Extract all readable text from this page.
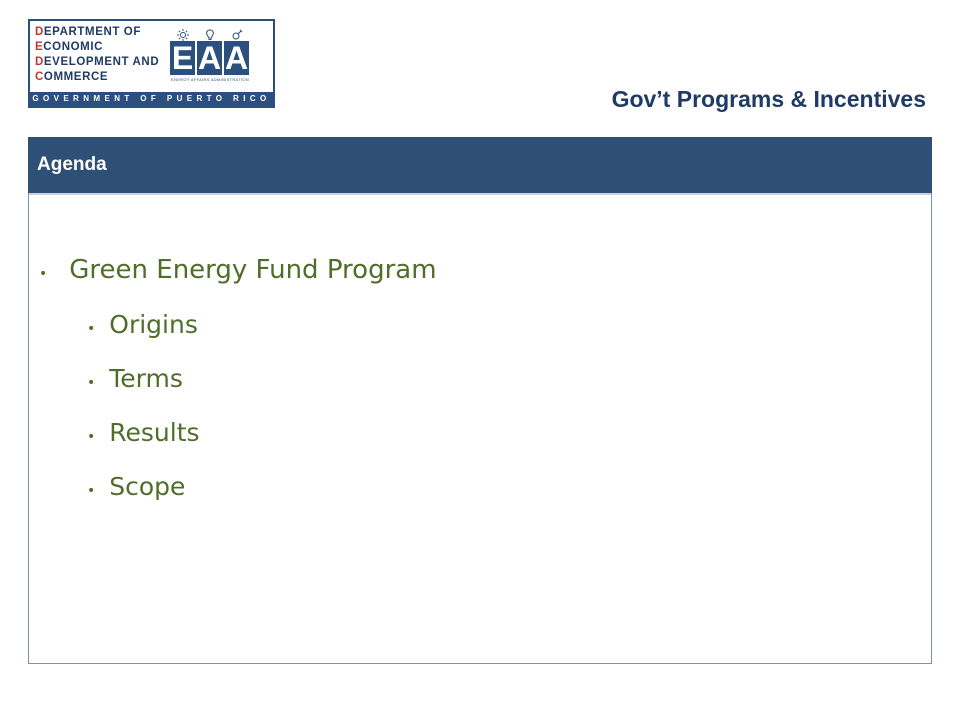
DEPARTMENT OF
ECONOMIC
DEVELOPMENT AND
COMMERCE
E A A
ENERGY AFFAIRS ADMINISTRATION
GOVERNMENT OF PUERTO RICO	Gov’t Programs & Incentives
Agenda
• Green Energy Fund Program
• Origins
• Terms
• Results
• Scope
